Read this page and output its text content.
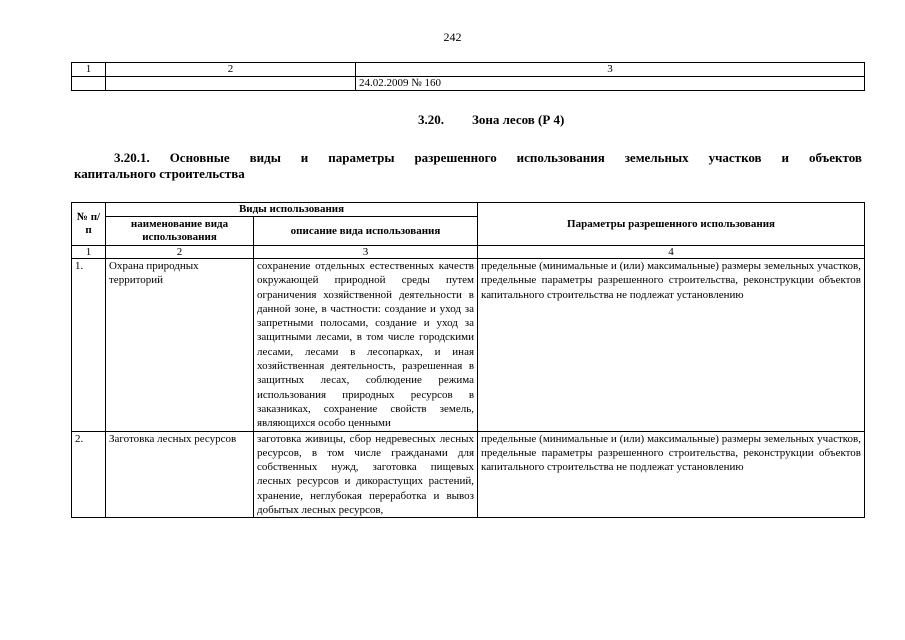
242
1	2	3
		24.02.2009 № 160
3.20. Зона лесов (Р 4)
3.20.1. Основные виды и параметры разрешенного использования земельных участков и объектов
капитального строительства
№ п/п	Виды использования		Параметры разрешенного использования
	наименование вида использования	описание вида использования	
1	2	3	4
1.	Охрана природных территорий	сохранение отдельных естественных качеств окружающей природной среды путем ограничения хозяйственной деятельности в данной зоне, в частности: создание и уход за запретными полосами, создание и уход за защитными лесами, в том числе городскими лесами, лесами в лесопарках, и иная хозяйственная деятельность, разрешенная в защитных лесах, соблюдение режима использования природных ресурсов в заказниках, сохранение свойств земель, являющихся особо ценными	предельные (минимальные и (или) максимальные) размеры земельных участков, предельные параметры разрешенного строительства, реконструкции объектов капитального строительства не подлежат установлению
2.	Заготовка лесных ресурсов	заготовка живицы, сбор недревесных лесных ресурсов, в том числе гражданами для собственных нужд, заготовка пищевых лесных ресурсов и дикорастущих растений, хранение, неглубокая переработка и вывоз добытых лесных ресурсов,	предельные (минимальные и (или) максимальные) размеры земельных участков, предельные параметры разрешенного строительства, реконструкции объектов капитального строительства не подлежат установлению
